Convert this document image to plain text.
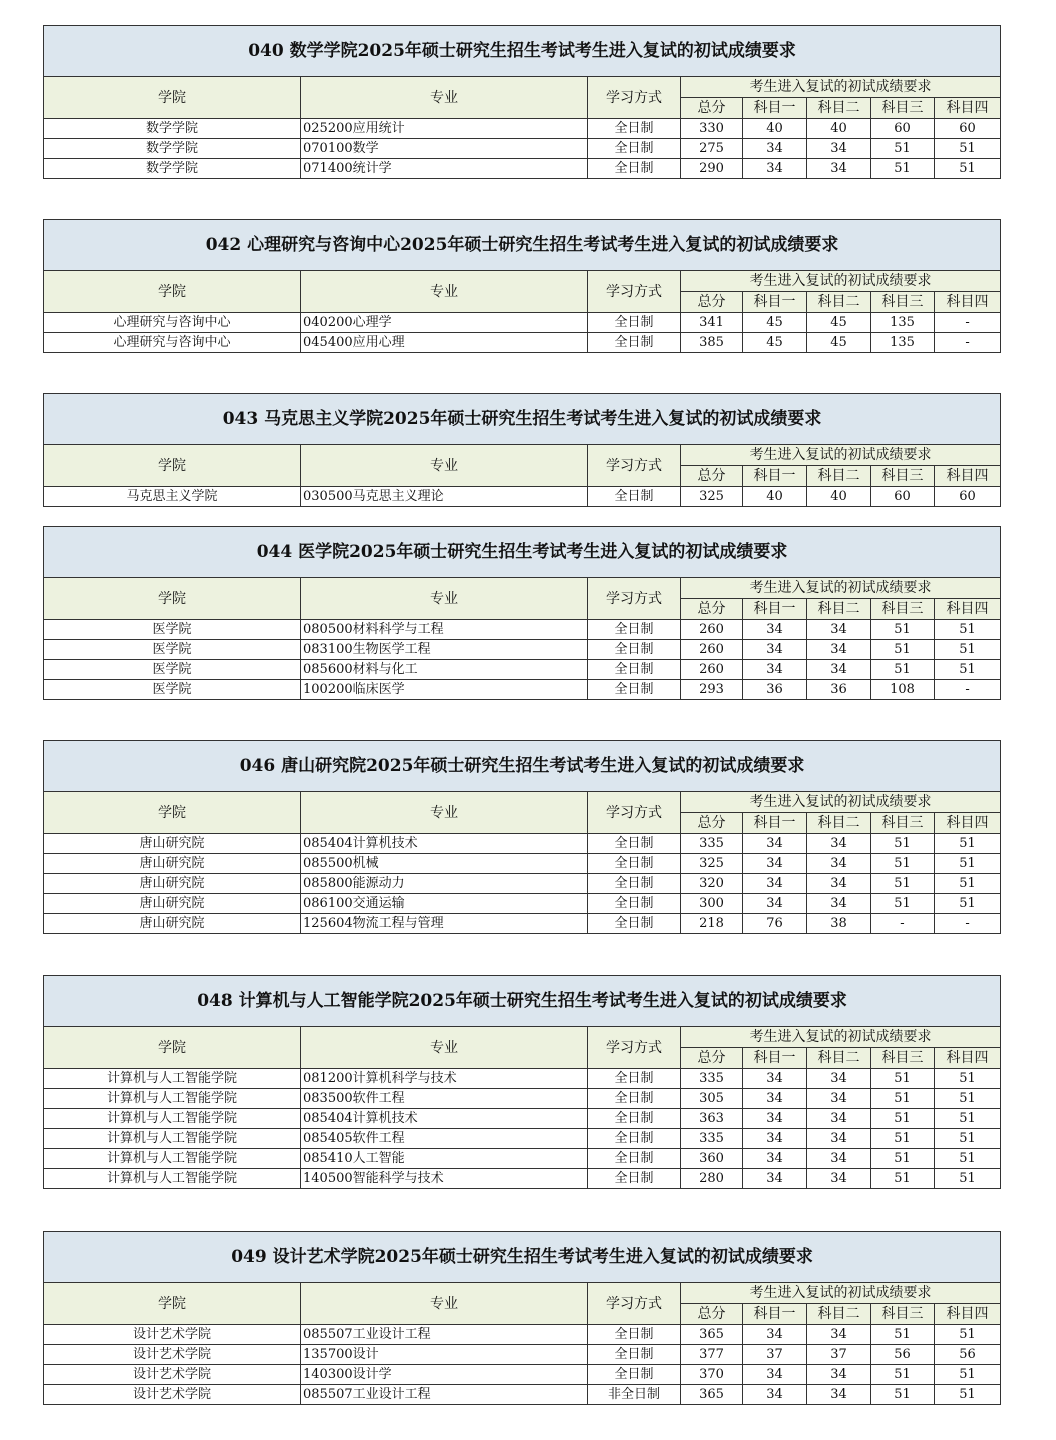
040 数学学院2025年硕士研究生招生考试考生进入复试的初试成绩要求							
学院	专业	学习方式	考生进入复试的初试成绩要求				
			总分	科目一	科目二	科目三	科目四
数学学院	025200应用统计	全日制	330	40	40	60	60
数学学院	070100数学	全日制	275	34	34	51	51
数学学院	071400统计学	全日制	290	34	34	51	51
042 心理研究与咨询中心2025年硕士研究生招生考试考生进入复试的初试成绩要求							
学院	专业	学习方式	考生进入复试的初试成绩要求				
			总分	科目一	科目二	科目三	科目四
心理研究与咨询中心	040200心理学	全日制	341	45	45	135	-
心理研究与咨询中心	045400应用心理	全日制	385	45	45	135	-
043 马克思主义学院2025年硕士研究生招生考试考生进入复试的初试成绩要求							
学院	专业	学习方式	考生进入复试的初试成绩要求				
			总分	科目一	科目二	科目三	科目四
马克思主义学院	030500马克思主义理论	全日制	325	40	40	60	60
044 医学院2025年硕士研究生招生考试考生进入复试的初试成绩要求							
学院	专业	学习方式	考生进入复试的初试成绩要求				
			总分	科目一	科目二	科目三	科目四
医学院	080500材料科学与工程	全日制	260	34	34	51	51
医学院	083100生物医学工程	全日制	260	34	34	51	51
医学院	085600材料与化工	全日制	260	34	34	51	51
医学院	100200临床医学	全日制	293	36	36	108	-
046 唐山研究院2025年硕士研究生招生考试考生进入复试的初试成绩要求							
学院	专业	学习方式	考生进入复试的初试成绩要求				
			总分	科目一	科目二	科目三	科目四
唐山研究院	085404计算机技术	全日制	335	34	34	51	51
唐山研究院	085500机械	全日制	325	34	34	51	51
唐山研究院	085800能源动力	全日制	320	34	34	51	51
唐山研究院	086100交通运输	全日制	300	34	34	51	51
唐山研究院	125604物流工程与管理	全日制	218	76	38	-	-
048 计算机与人工智能学院2025年硕士研究生招生考试考生进入复试的初试成绩要求							
学院	专业	学习方式	考生进入复试的初试成绩要求				
			总分	科目一	科目二	科目三	科目四
计算机与人工智能学院	081200计算机科学与技术	全日制	335	34	34	51	51
计算机与人工智能学院	083500软件工程	全日制	305	34	34	51	51
计算机与人工智能学院	085404计算机技术	全日制	363	34	34	51	51
计算机与人工智能学院	085405软件工程	全日制	335	34	34	51	51
计算机与人工智能学院	085410人工智能	全日制	360	34	34	51	51
计算机与人工智能学院	140500智能科学与技术	全日制	280	34	34	51	51
049 设计艺术学院2025年硕士研究生招生考试考生进入复试的初试成绩要求							
学院	专业	学习方式	考生进入复试的初试成绩要求				
			总分	科目一	科目二	科目三	科目四
设计艺术学院	085507工业设计工程	全日制	365	34	34	51	51
设计艺术学院	135700设计	全日制	377	37	37	56	56
设计艺术学院	140300设计学	全日制	370	34	34	51	51
设计艺术学院	085507工业设计工程	非全日制	365	34	34	51	51
